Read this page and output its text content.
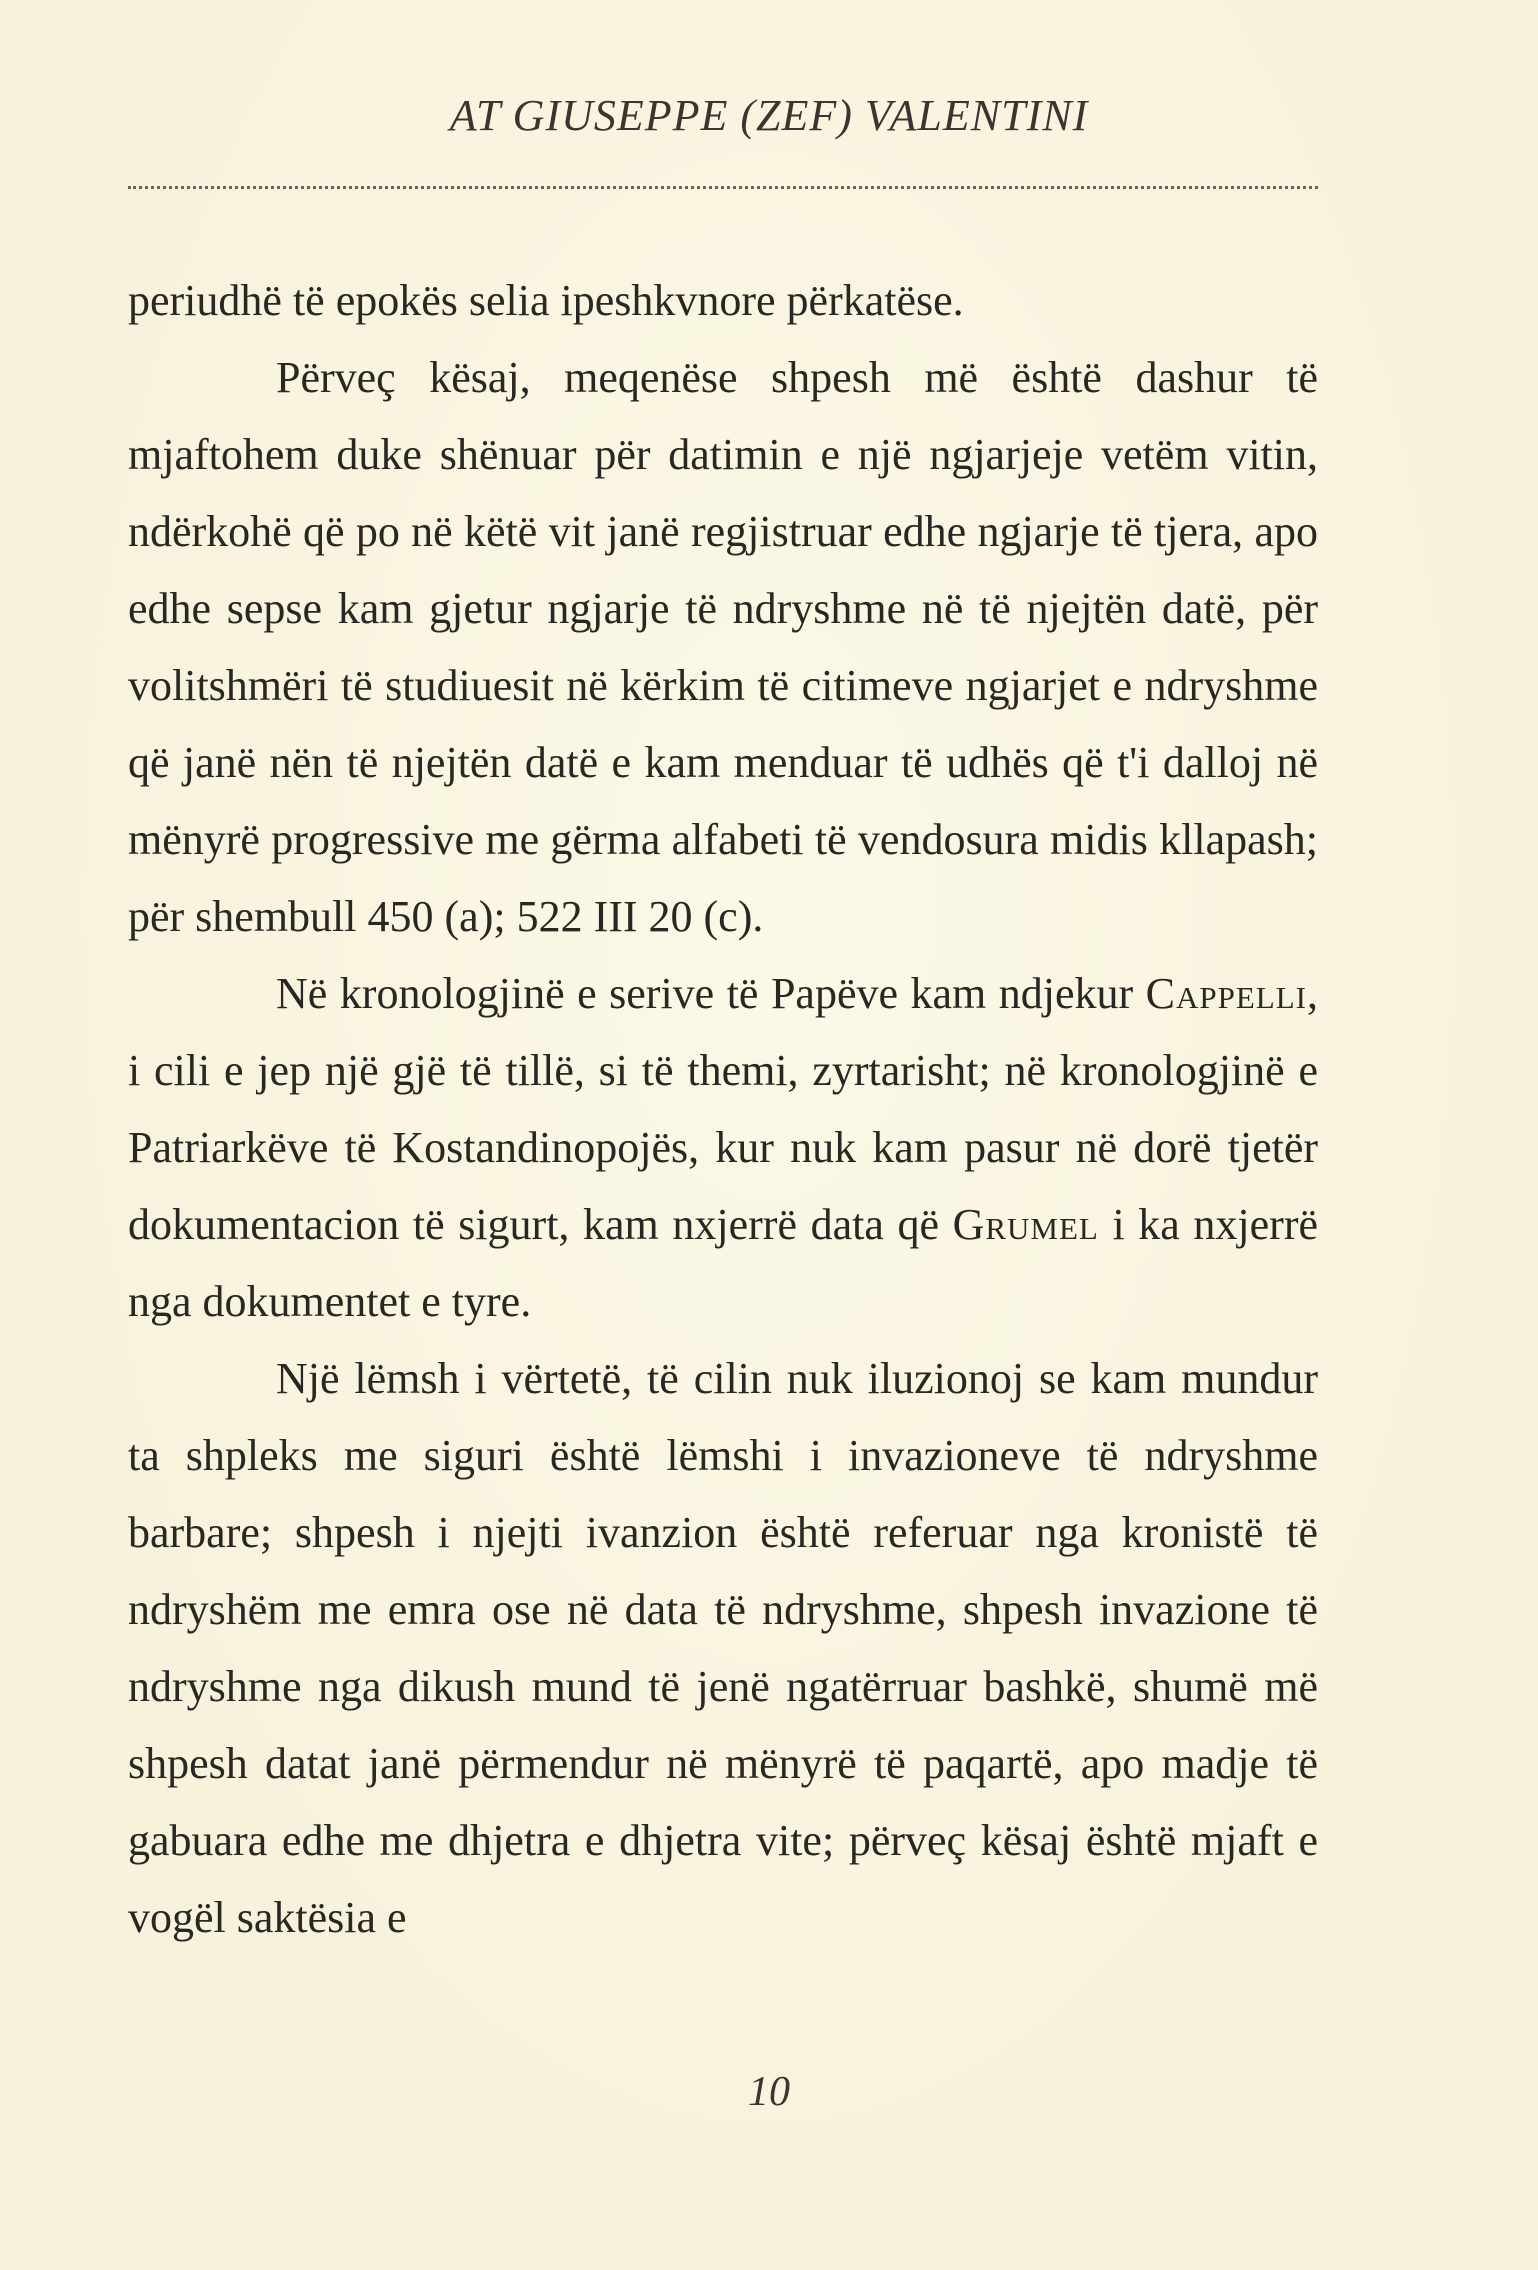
AT GIUSEPPE (ZEF) VALENTINI

periudhë të epokës selia ipeshkvnore përkatëse.

Përveç kësaj, meqenëse shpesh më është dashur të mjaftohem duke shënuar për datimin e një ngjarjeje vetëm vitin, ndërkohë që po në këtë vit janë regjistruar edhe ngjarje të tjera, apo edhe sepse kam gjetur ngjarje të ndryshme në të njejtën datë, për volitshmëri të studiuesit në kërkim të citimeve ngjarjet e ndryshme që janë nën të njejtën datë e kam menduar të udhës që t'i dalloj në mënyrë progressive me gërma alfabeti të vendosura midis kllapash; për shembull 450 (a); 522 III 20 (c).

Në kronologjinë e serive të Papëve kam ndjekur Cappelli, i cili e jep një gjë të tillë, si të themi, zyrtarisht; në kronologjinë e Patriarkëve të Kostandinopojës, kur nuk kam pasur në dorë tjetër dokumentacion të sigurt, kam nxjerrë data që Grumel i ka nxjerrë nga dokumentet e tyre.

Një lëmsh i vërtetë, të cilin nuk iluzionoj se kam mundur ta shpleks me siguri është lëmshi i invazioneve të ndryshme barbare; shpesh i njejti ivanzion është referuar nga kronistë të ndryshëm me emra ose në data të ndryshme, shpesh invazione të ndryshme nga dikush mund të jenë ngatërruar bashkë, shumë më shpesh datat janë përmendur në mënyrë të paqartë, apo madje të gabuara edhe me dhjetra e dhjetra vite; përveç kësaj është mjaft e vogël saktësia e

10
